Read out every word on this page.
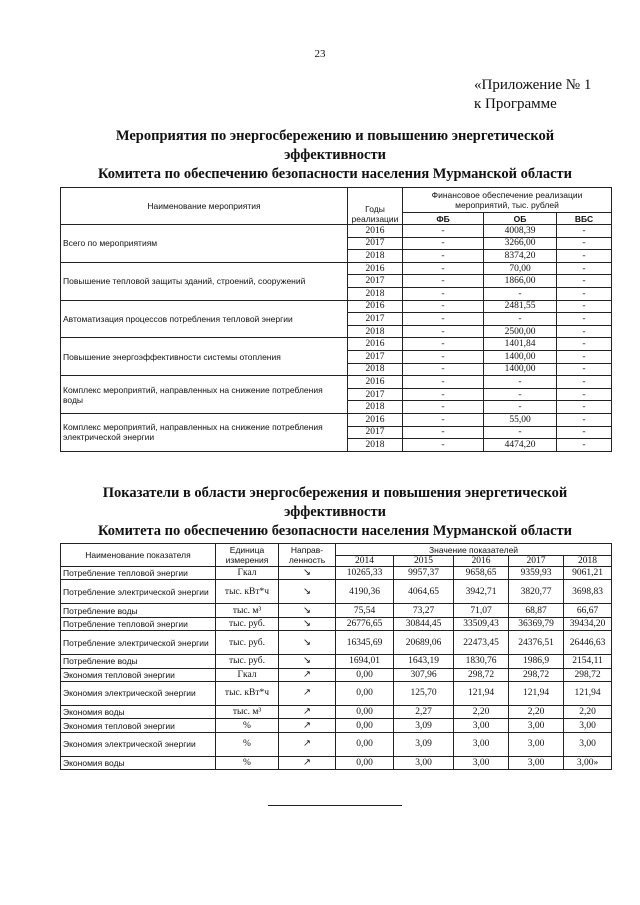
23
«Приложение № 1
к Программе
Мероприятия по энергосбережению и повышению энергетической
эффективности
Комитета по обеспечению безопасности населения Мурманской области
Наименование мероприятия	Годы реализации	Финансовое обеспечение реализации мероприятий, тыс. рублей		
		ФБ	ОБ	ВБС
Всего по мероприятиям	2016	-	4008,39	-
	2017	-	3266,00	-
	2018	-	8374,20	-
Повышение тепловой защиты зданий, строений, сооружений	2016	-	70,00	-
	2017	-	1866,00	-
	2018	-	-	-
Автоматизация процессов потребления тепловой энергии	2016	-	2481,55	-
	2017	-	-	-
	2018	-	2500,00	-
Повышение энергоэффективности системы отопления	2016	-	1401,84	-
	2017	-	1400,00	-
	2018	-	1400,00	-
Комплекс мероприятий, направленных на снижение потребления воды	2016	-	-	-
	2017	-	-	-
	2018	-	-	-
Комплекс мероприятий, направленных на снижение потребления электрической энергии	2016	-	55,00	-
	2017	-	-	-
	2018	-	4474,20	-
Показатели в области энергосбережения и повышения энергетической
эффективности
Комитета по обеспечению безопасности населения Мурманской области
Наименование показателя	Единица измерения	Направ-ленность	Значение показателей				
			2014	2015	2016	2017	2018
Потребление тепловой энергии	Гкал	↘	10265,33	9957,37	9658,65	9359,93	9061,21
Потребление электрической энергии	тыс. кВт*ч	↘	4190,36	4064,65	3942,71	3820,77	3698,83
Потребление воды	тыс. м³	↘	75,54	73,27	71,07	68,87	66,67
Потребление тепловой энергии	тыс. руб.	↘	26776,65	30844,45	33509,43	36369,79	39434,20
Потребление электрической энергии	тыс. руб.	↘	16345,69	20689,06	22473,45	24376,51	26446,63
Потребление воды	тыс. руб.	↘	1694,01	1643,19	1830,76	1986,9	2154,11
Экономия тепловой энергии	Гкал	↗	0,00	307,96	298,72	298,72	298,72
Экономия электрической энергии	тыс. кВт*ч	↗	0,00	125,70	121,94	121,94	121,94
Экономия воды	тыс. м³	↗	0,00	2,27	2,20	2,20	2,20
Экономия тепловой энергии	%	↗	0,00	3,09	3,00	3,00	3,00
Экономия электрической энергии	%	↗	0,00	3,09	3,00	3,00	3,00
Экономия воды	%	↗	0,00	3,00	3,00	3,00	3,00»
